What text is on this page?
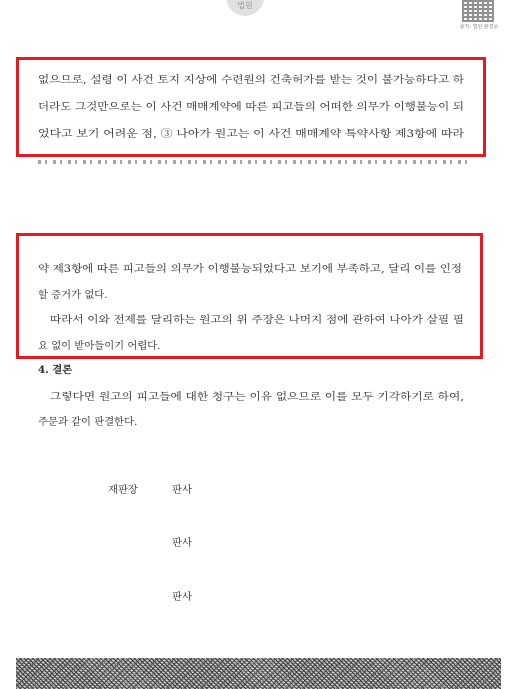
법원
출처: 법원 판결문
없으므로, 설령 이 사건 토지 지상에 수련원의 건축허가를 받는 것이 불가능하다고 하
더라도 그것만으로는 이 사건 매매계약에 따른 피고들의 어떠한 의무가 이행불능이 되
었다고 보기 어려운 점, ③ 나아가 원고는 이 사건 매매계약 특약사항 제3항에 따라
약 제3항에 따른 피고들의 의무가 이행불능되었다고 보기에 부족하고, 달리 이를 인정
할 증거가 없다.
따라서 이와 전제를 달리하는 원고의 위 주장은 나머지 점에 관하여 나아가 살필 필
요 없이 받아들이기 어렵다.
4. 결론
그렇다면 원고의 피고들에 대한 청구는 이유 없으므로 이를 모두 기각하기로 하여,
주문과 같이 판결한다.
재판장	판사
판사
판사
